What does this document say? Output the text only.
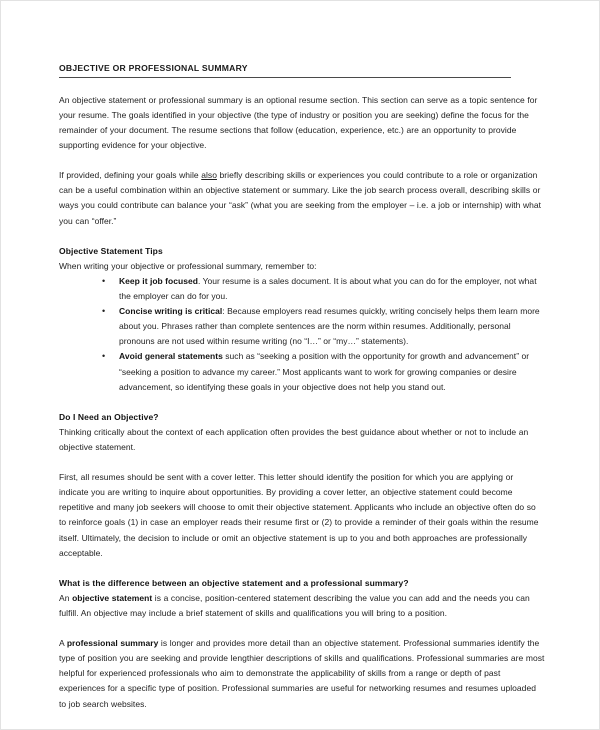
OBJECTIVE OR PROFESSIONAL SUMMARY

An objective statement or professional summary is an optional resume section. This section can serve as a topic sentence for your resume. The goals identified in your objective (the type of industry or position you are seeking) define the focus for the remainder of your document. The resume sections that follow (education, experience, etc.) are an opportunity to provide supporting evidence for your objective.

If provided, defining your goals while also briefly describing skills or experiences you could contribute to a role or organization can be a useful combination within an objective statement or summary. Like the job search process overall, describing skills or ways you could contribute can balance your “ask” (what you are seeking from the employer – i.e. a job or internship) with what you can “offer.”

Objective Statement Tips

When writing your objective or professional summary, remember to:

• Keep it job focused. Your resume is a sales document. It is about what you can do for the employer, not what the employer can do for you.
• Concise writing is critical: Because employers read resumes quickly, writing concisely helps them learn more about you. Phrases rather than complete sentences are the norm within resumes. Additionally, personal pronouns are not used within resume writing (no “I…” or “my…” statements).
• Avoid general statements such as “seeking a position with the opportunity for growth and advancement” or “seeking a position to advance my career.” Most applicants want to work for growing companies or desire advancement, so identifying these goals in your objective does not help you stand out.

Do I Need an Objective?

Thinking critically about the context of each application often provides the best guidance about whether or not to include an objective statement.

First, all resumes should be sent with a cover letter. This letter should identify the position for which you are applying or indicate you are writing to inquire about opportunities. By providing a cover letter, an objective statement could become repetitive and many job seekers will choose to omit their objective statement. Applicants who include an objective often do so to reinforce goals (1) in case an employer reads their resume first or (2) to provide a reminder of their goals within the resume itself. Ultimately, the decision to include or omit an objective statement is up to you and both approaches are professionally acceptable.

What is the difference between an objective statement and a professional summary?

An objective statement is a concise, position-centered statement describing the value you can add and the needs you can fulfill. An objective may include a brief statement of skills and qualifications you will bring to a position.

A professional summary is longer and provides more detail than an objective statement. Professional summaries identify the type of position you are seeking and provide lengthier descriptions of skills and qualifications. Professional summaries are most helpful for experienced professionals who aim to demonstrate the applicability of skills from a range or depth of past experiences for a specific type of position. Professional summaries are useful for networking resumes and resumes uploaded to job search websites.
